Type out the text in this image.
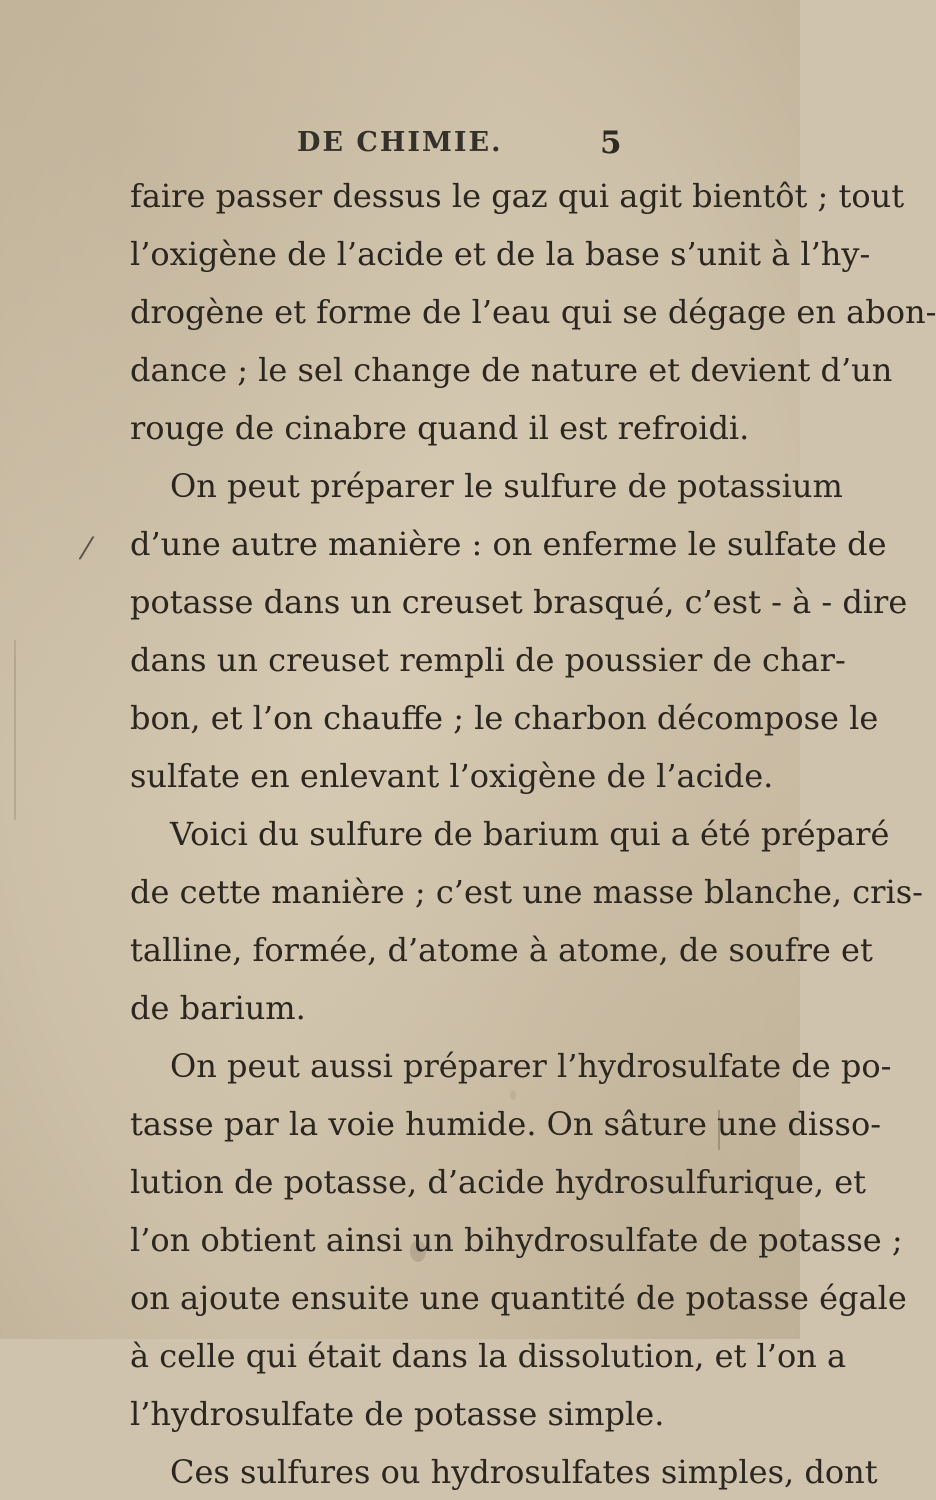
⁄
DE CHIMIE.	5
faire passer dessus le gaz qui agit bientôt ; tout
l’oxigène de l’acide et de la base s’unit à l’hy-
drogène et forme de l’eau qui se dégage en abon-
dance ; le sel change de nature et devient d’un
rouge de cinabre quand il est refroidi.
On peut préparer le sulfure de potassium
d’une autre manière : on enferme le sulfate de
potasse dans un creuset brasqué, c’est - à - dire
dans un creuset rempli de poussier de char-
bon, et l’on chauffe ; le charbon décompose le
sulfate en enlevant l’oxigène de l’acide.
Voici du sulfure de barium qui a été préparé
de cette manière ; c’est une masse blanche, cris-
talline, formée, d’atome à atome, de soufre et
de barium.
On peut aussi préparer l’hydrosulfate de po-
tasse par la voie humide. On sâture une disso-
lution de potasse, d’acide hydrosulfurique, et
l’on obtient ainsi un bihydrosulfate de potasse ;
on ajoute ensuite une quantité de potasse égale
à celle qui était dans la dissolution, et l’on a
l’hydrosulfate de potasse simple.
Ces sulfures ou hydrosulfates simples, dont
